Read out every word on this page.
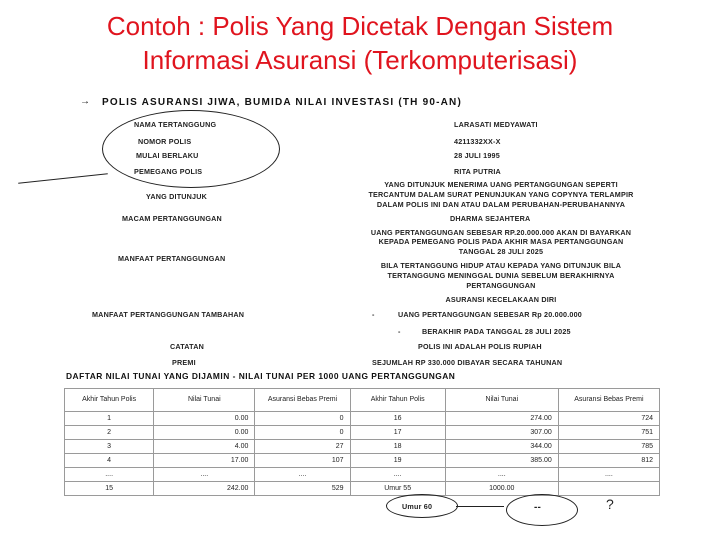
Contoh : Polis Yang Dicetak Dengan Sistem
Informasi Asuransi (Terkomputerisasi)
→ POLIS ASURANSI JIWA, BUMIDA NILAI INVESTASI (TH 90-AN)
NAMA TERTANGGUNG	LARASATI MEDYAWATI
NOMOR POLIS	4211332XX-X
MULAI BERLAKU	28 JULI 1995
PEMEGANG POLIS	RITA PUTRIA
YANG DITUNJUK
YANG DITUNJUK MENERIMA UANG PERTANGGUNGAN SEPERTI
TERCANTUM DALAM SURAT PENUNJUKAN YANG COPYNYA TERLAMPIR
DALAM POLIS INI DAN ATAU DALAM PERUBAHAN-PERUBAHANNYA
MACAM PERTANGGUNGAN	DHARMA SEJAHTERA
MANFAAT PERTANGGUNGAN
UANG PERTANGGUNGAN SEBESAR RP.20.000.000 AKAN DI BAYARKAN
KEPADA PEMEGANG POLIS PADA AKHIR MASA PERTANGGUNGAN
TANGGAL 28 JULI 2025
BILA TERTANGGUNG HIDUP ATAU KEPADA YANG DITUNJUK BILA
TERTANGGUNG MENINGGAL DUNIA SEBELUM BERAKHIRNYA
PERTANGGUNGAN
ASURANSI KECELAKAAN DIRI
MANFAAT PERTANGGUNGAN TAMBAHAN	-	UANG PERTANGGUNGAN SEBESAR Rp 20.000.000
-	BERAKHIR PADA TANGGAL 28 JULI 2025
CATATAN	POLIS INI ADALAH POLIS RUPIAH
PREMI	SEJUMLAH RP 330.000 DIBAYAR SECARA TAHUNAN
DAFTAR NILAI TUNAI YANG DIJAMIN - NILAI TUNAI PER 1000 UANG PERTANGGUNGAN
Akhir Tahun Polis	Nilai Tunai	Asuransi Bebas Premi	Akhir Tahun Polis	Nilai Tunai	Asuransi Bebas Premi
1	0.00	0	16	274.00	724
2	0.00	0	17	307.00	751
3	4.00	27	18	344.00	785
4	17.00	107	19	385.00	812
....	....	....	....	....	....
15	242.00	529	Umur 55	1000.00	
Umur 60	--	?
